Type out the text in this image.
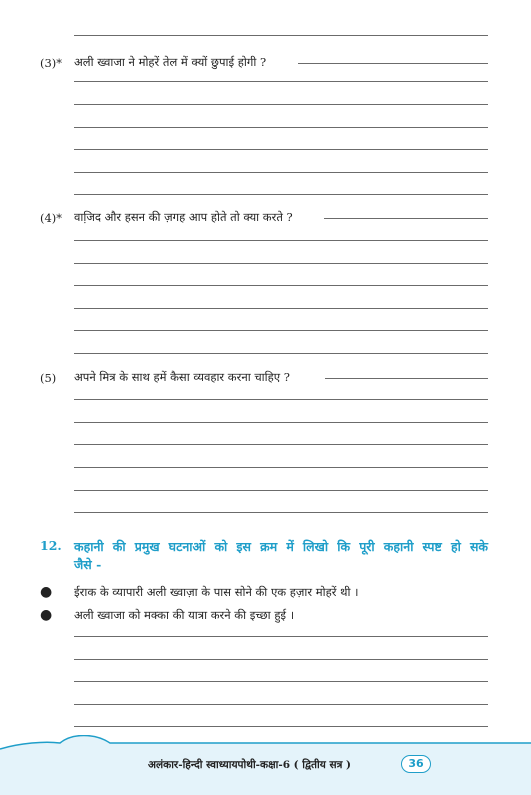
(3)*	अली ख्वाजा ने मोहरें तेल में क्यों छुपाई होगी ?
(4)*	वाजि़द और हसन की ज़गह आप होते तो क्या करते ?
(5)	अपने मित्र के साथ हमें कैसा व्यवहार करना चाहिए ?
12. कहानी की प्रमुख घटनाओं को इस क्रम में लिखो कि पूरी कहानी स्पष्ट हो सके
जैसे -
● ईराक के व्यापारी अली ख्वाज़ा के पास सोने की एक हज़ार मोहरें थी ।
● अली ख्वाजा को मक्का की यात्रा करने की इच्छा हुई ।
अलंकार-हिन्दी स्वाध्यायपोथी-कक्षा-6 ( द्वितीय सत्र )	36
